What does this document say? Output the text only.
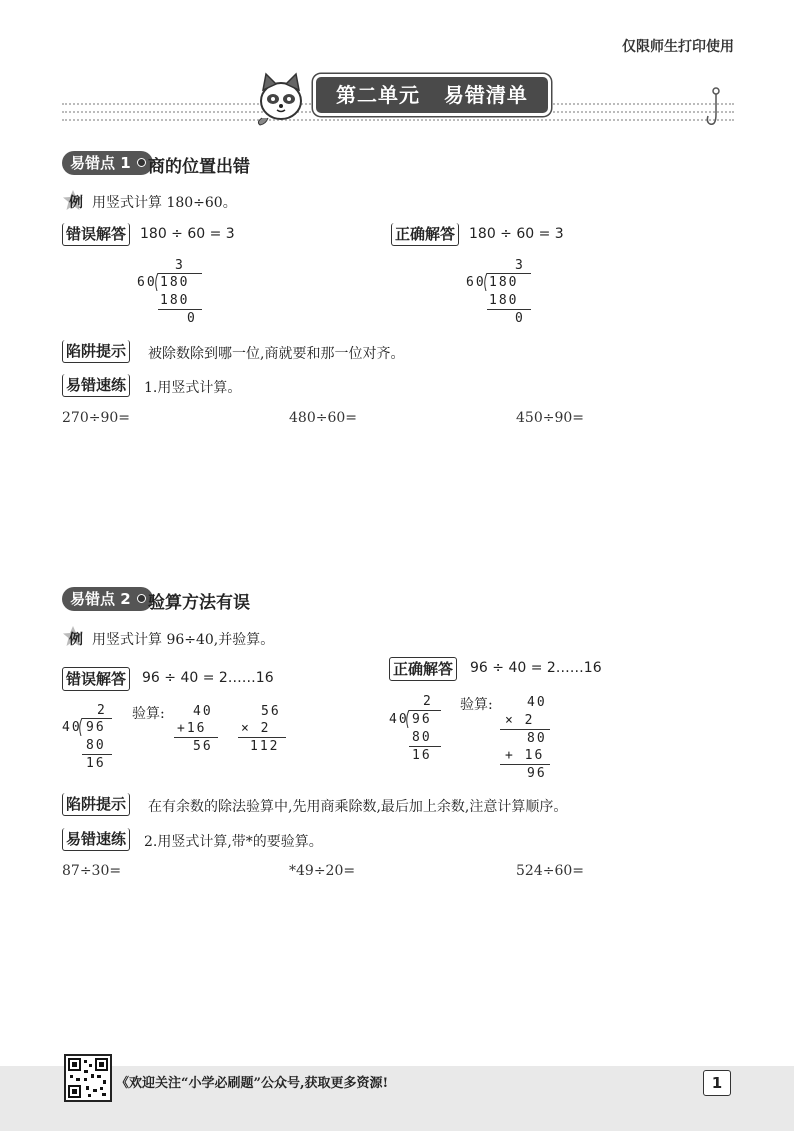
仅限师生打印使用
第二单元   易错清单
易错点 1	商的位置出错
例 用竖式计算 180÷60。
错误解答 180 ÷ 60 = 3	正确解答 180 ÷ 60 = 3
3
60 180
180
0
3
60 180
180
0
陷阱提示 被除数除到哪一位,商就要和那一位对齐。
易错速练 1.用竖式计算。
270÷90=	480÷60=	450÷90=
易错点 2	验算方法有误
例 用竖式计算 96÷40,并验算。
错误解答 96 ÷ 40 = 2……16	正确解答 96 ÷ 40 = 2……16
2
40 96
80
16
验算: 40
+16
56
56
× 2
112
2
40 96
80
16
验算:	40
× 2
80
+ 16
96
陷阱提示 在有余数的除法验算中,先用商乘除数,最后加上余数,注意计算顺序。
易错速练 2.用竖式计算,带*的要验算。
87÷30=	*49÷20=	524÷60=
《欢迎关注“小学必刷题”公众号,获取更多资源!	1
